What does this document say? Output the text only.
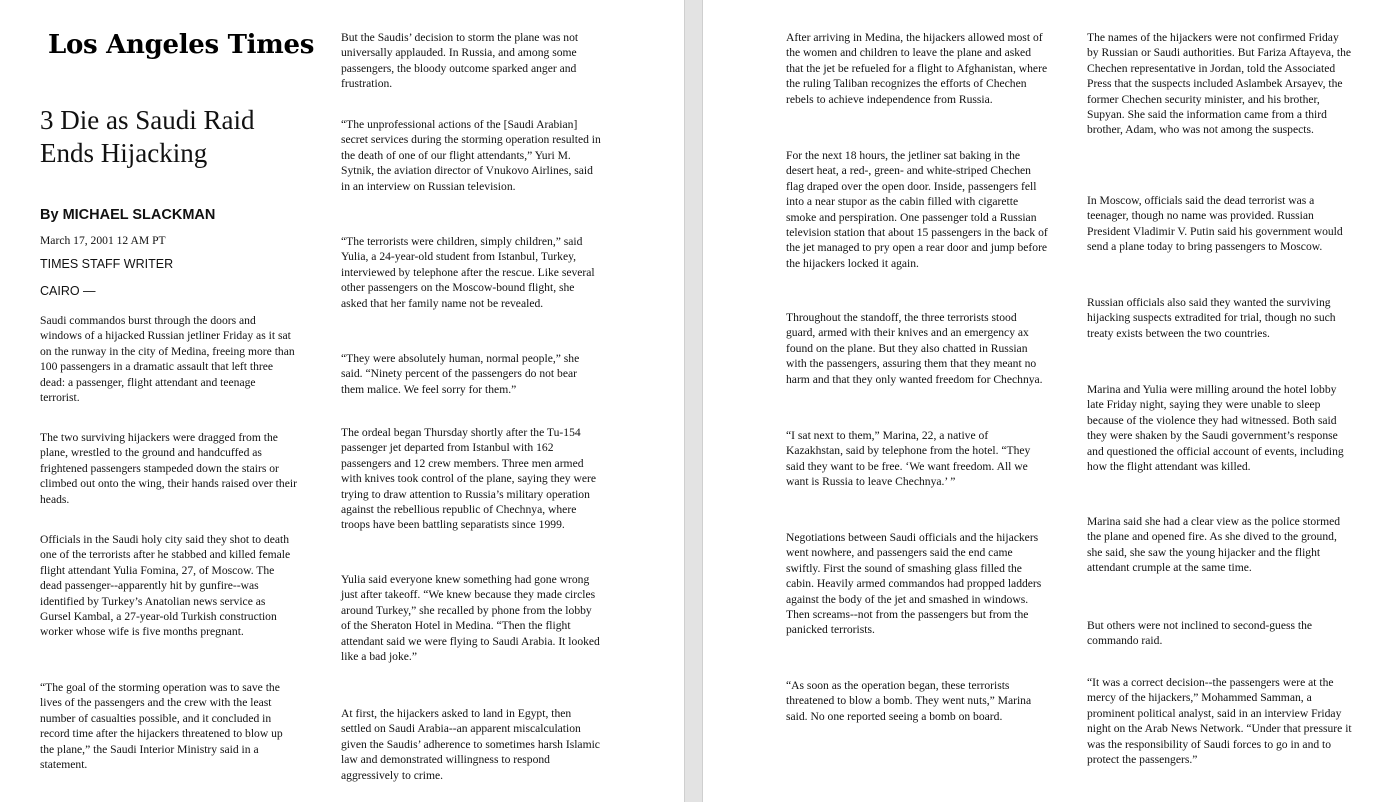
Los Angeles Times
3 Die as Saudi Raid Ends Hijacking
By MICHAEL SLACKMAN
March 17, 2001 12 AM PT
TIMES STAFF WRITER
CAIRO —

Saudi commandos burst through the doors and windows of a hijacked Russian jetliner Friday as it sat on the runway in the city of Medina, freeing more than 100 passengers in a dramatic assault that left three dead: a passenger, flight attendant and teenage terrorist.

The two surviving hijackers were dragged from the plane, wrestled to the ground and handcuffed as frightened passengers stampeded down the stairs or climbed out onto the wing, their hands raised over their heads.

Officials in the Saudi holy city said they shot to death one of the terrorists after he stabbed and killed female flight attendant Yulia Fomina, 27, of Moscow. The dead passenger--apparently hit by gunfire--was identified by Turkey’s Anatolian news service as Gursel Kambal, a 27-year-old Turkish construction worker whose wife is five months pregnant.

“The goal of the storming operation was to save the lives of the passengers and the crew with the least number of casualties possible, and it concluded in record time after the hijackers threatened to blow up the plane,” the Saudi Interior Ministry said in a statement.

But the Saudis’ decision to storm the plane was not universally applauded. In Russia, and among some passengers, the bloody outcome sparked anger and frustration.

“The unprofessional actions of the [Saudi Arabian] secret services during the storming operation resulted in the death of one of our flight attendants,” Yuri M. Sytnik, the aviation director of Vnukovo Airlines, said in an interview on Russian television.

“The terrorists were children, simply children,” said Yulia, a 24-year-old student from Istanbul, Turkey, interviewed by telephone after the rescue. Like several other passengers on the Moscow-bound flight, she asked that her family name not be revealed.

“They were absolutely human, normal people,” she said. “Ninety percent of the passengers do not bear them malice. We feel sorry for them.”

The ordeal began Thursday shortly after the Tu-154 passenger jet departed from Istanbul with 162 passengers and 12 crew members. Three men armed with knives took control of the plane, saying they were trying to draw attention to Russia’s military operation against the rebellious republic of Chechnya, where troops have been battling separatists since 1999.

Yulia said everyone knew something had gone wrong just after takeoff. “We knew because they made circles around Turkey,” she recalled by phone from the lobby of the Sheraton Hotel in Medina. “Then the flight attendant said we were flying to Saudi Arabia. It looked like a bad joke.”

At first, the hijackers asked to land in Egypt, then settled on Saudi Arabia--an apparent miscalculation given the Saudis’ adherence to sometimes harsh Islamic law and demonstrated willingness to respond aggressively to crime.

After arriving in Medina, the hijackers allowed most of the women and children to leave the plane and asked that the jet be refueled for a flight to Afghanistan, where the ruling Taliban recognizes the efforts of Chechen rebels to achieve independence from Russia.

For the next 18 hours, the jetliner sat baking in the desert heat, a red-, green- and white-striped Chechen flag draped over the open door. Inside, passengers fell into a near stupor as the cabin filled with cigarette smoke and perspiration. One passenger told a Russian television station that about 15 passengers in the back of the jet managed to pry open a rear door and jump before the hijackers locked it again.

Throughout the standoff, the three terrorists stood guard, armed with their knives and an emergency ax found on the plane. But they also chatted in Russian with the passengers, assuring them that they meant no harm and that they only wanted freedom for Chechnya.

“I sat next to them,” Marina, 22, a native of Kazakhstan, said by telephone from the hotel. “They said they want to be free. ‘We want freedom. All we want is Russia to leave Chechnya.’ ”

Negotiations between Saudi officials and the hijackers went nowhere, and passengers said the end came swiftly. First the sound of smashing glass filled the cabin. Heavily armed commandos had propped ladders against the body of the jet and smashed in windows. Then screams--not from the passengers but from the panicked terrorists.

“As soon as the operation began, these terrorists threatened to blow a bomb. They went nuts,” Marina said. No one reported seeing a bomb on board.

The names of the hijackers were not confirmed Friday by Russian or Saudi authorities. But Fariza Aftayeva, the Chechen representative in Jordan, told the Associated Press that the suspects included Aslambek Arsayev, the former Chechen security minister, and his brother, Supyan. She said the information came from a third brother, Adam, who was not among the suspects.

In Moscow, officials said the dead terrorist was a teenager, though no name was provided. Russian President Vladimir V. Putin said his government would send a plane today to bring passengers to Moscow.

Russian officials also said they wanted the surviving hijacking suspects extradited for trial, though no such treaty exists between the two countries.

Marina and Yulia were milling around the hotel lobby late Friday night, saying they were unable to sleep because of the violence they had witnessed. Both said they were shaken by the Saudi government’s response and questioned the official account of events, including how the flight attendant was killed.

Marina said she had a clear view as the police stormed the plane and opened fire. As she dived to the ground, she said, she saw the young hijacker and the flight attendant crumple at the same time.

But others were not inclined to second-guess the commando raid.

“It was a correct decision--the passengers were at the mercy of the hijackers,” Mohammed Samman, a prominent political analyst, said in an interview Friday night on the Arab News Network. “Under that pressure it was the responsibility of Saudi forces to go in and to protect the passengers.”
